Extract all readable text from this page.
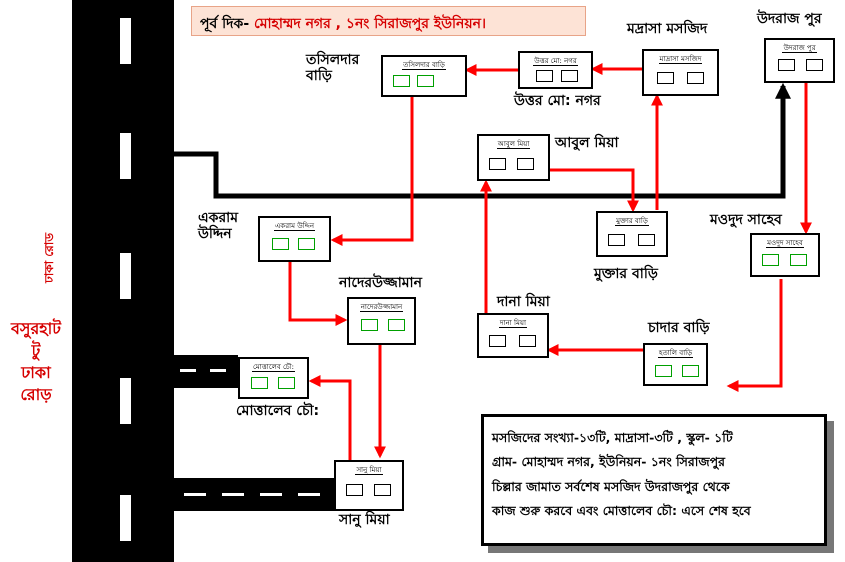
পূর্ব দিক- মোহাম্মদ নগর , ১নং সিরাজপুর ইউনিয়ন।
ঢাকা রোড
বসুরহাট
টু
ঢাকা
রোড়
তসিলদার বাড়ি	উত্তর মো: নগর	মাদ্রাসা মসজিদ
উদরাজ পুর
আবুল মিয়া
মুক্তার বাড়ি
একরাম উদ্দিন
মওদুদ সাহেব
নাদেরউজ্জামান
দানা মিয়া
হতালি বাড়ি
মোত্তালেব চৌ:
সানু মিয়া
তসিলদার
বাড়ি
উত্তর মো: নগর
মদ্রাসা মসজিদ
উদরাজ পুর
আবুল মিয়া
মুক্তার বাড়ি
একরাম
উদ্দিন
মওদুদ সাহেব
নাদেরউজ্জামান
দানা মিয়া
চাদার বাড়ি
মোত্তালেব চৌ:
সানু মিয়া
মসজিদের সংখ্যা-১৩টি, মাদ্রাসা-৩টি , স্কুল- ১টি
গ্রাম- মোহাম্মদ নগর, ইউনিয়ন- ১নং সিরাজপুর
চিল্লার জামাত সর্বশেষ মসজিদ উদরাজপুর থেকে
কাজ শুরু করবে এবং মোত্তালেব চৌ: এসে শেষ হবে
